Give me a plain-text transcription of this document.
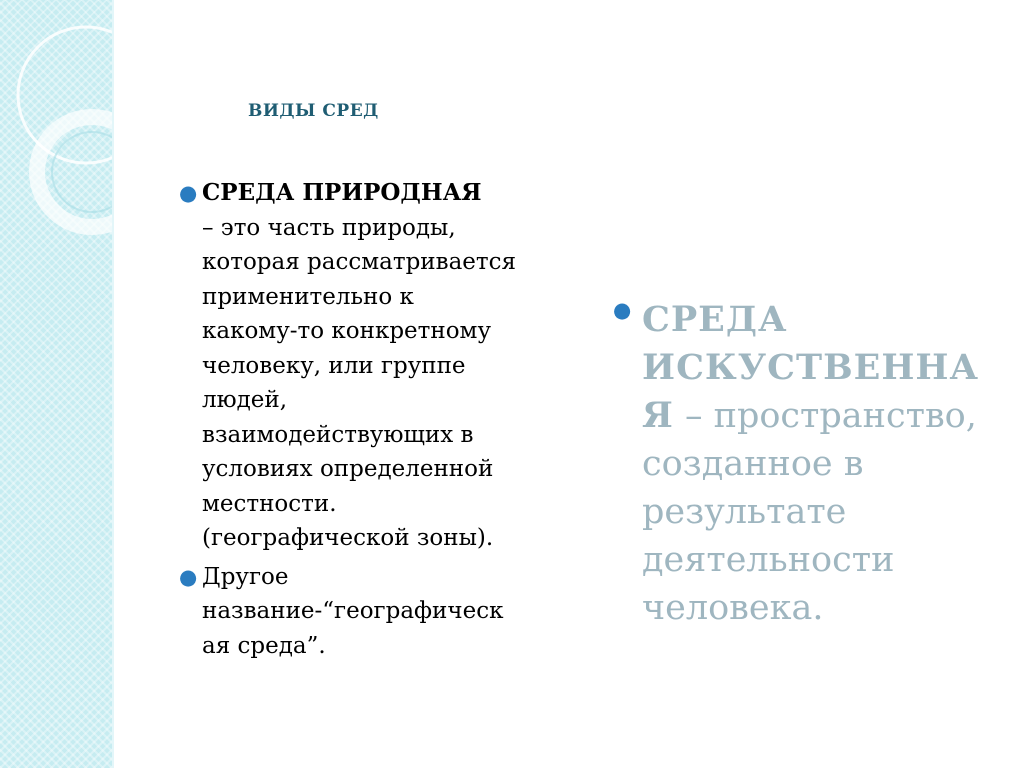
ВИДЫ СРЕД
● СРЕДА ПРИРОДНАЯ
– это часть природы,
которая рассматривается
применительно к
какому-то конкретному
человеку, или группе
людей,
взаимодействующих в
условиях определенной
местности.
(географической зоны).
● Другое
название-“географическ
ая среда”.
● СРЕДА
ИСКУСТВЕННА
Я – пространство,
созданное в
результате
деятельности
человека.
